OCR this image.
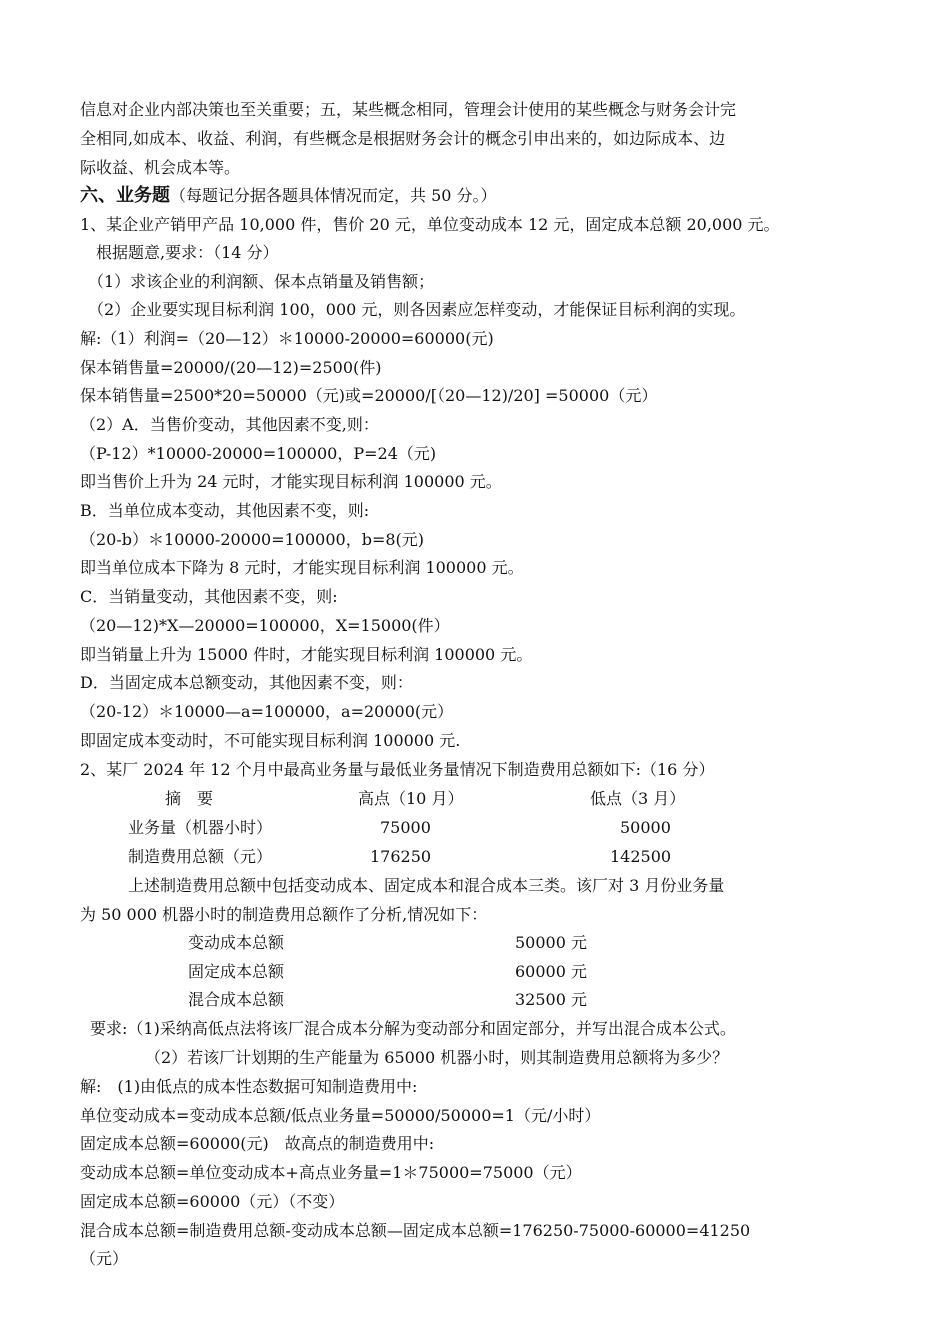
信息对企业内部决策也至关重要；五，某些概念相同，管理会计使用的某些概念与财务会计完
全相同,如成本、收益、利润，有些概念是根据财务会计的概念引申出来的，如边际成本、边
际收益、机会成本等。
六、业务题（每题记分据各题具体情况而定，共 50 分。）
1、某企业产销甲产品 10,000 件，售价 20 元，单位变动成本 12 元，固定成本总额 20,000 元。
根据题意,要求：（14 分）
（1）求该企业的利润额、保本点销量及销售额；
（2）企业要实现目标利润 100，000 元，则各因素应怎样变动，才能保证目标利润的实现。
解:（1）利润=（20—12）＊10000-20000=60000(元)
保本销售量=20000/(20—12)=2500(件)
保本销售量=2500*20=50000（元)或=20000/[（20—12)/20] =50000（元）
（2）A．当售价变动，其他因素不变,则：
（P-12）*10000-20000=100000，P=24（元)
即当售价上升为 24 元时，才能实现目标利润 100000 元。
B．当单位成本变动，其他因素不变，则:
（20-b）＊10000-20000=100000，b=8(元)
即当单位成本下降为 8 元时，才能实现目标利润 100000 元。
C．当销量变动，其他因素不变，则:
（20—12)*X—20000=100000，X=15000(件）
即当销量上升为 15000 件时，才能实现目标利润 100000 元。
D．当固定成本总额变动，其他因素不变，则：
（20-12）＊10000—a=100000，a=20000(元）
即固定成本变动时，不可能实现目标利润 100000 元.
2、某厂 2024 年 12 个月中最高业务量与最低业务量情况下制造费用总额如下:（16 分）
摘　要	高点（10 月）	低点（3 月）
业务量（机器小时）	75000	50000
制造费用总额（元）	176250	142500
上述制造费用总额中包括变动成本、固定成本和混合成本三类。该厂对 3 月份业务量
为 50 000 机器小时的制造费用总额作了分析,情况如下：
变动成本总额	50000 元
固定成本总额	60000 元
混合成本总额	32500 元
要求:（1)采纳高低点法将该厂混合成本分解为变动部分和固定部分，并写出混合成本公式。
（2）若该厂计划期的生产能量为 65000 机器小时，则其制造费用总额将为多少？
解:　(1)由低点的成本性态数据可知制造费用中:
单位变动成本=变动成本总额/低点业务量=50000/50000=1（元/小时）
固定成本总额=60000(元)　故高点的制造费用中:
变动成本总额=单位变动成本+高点业务量=1＊75000=75000（元）
固定成本总额=60000（元）（不变）
混合成本总额=制造费用总额-变动成本总额—固定成本总额=176250-75000-60000=41250
（元）
